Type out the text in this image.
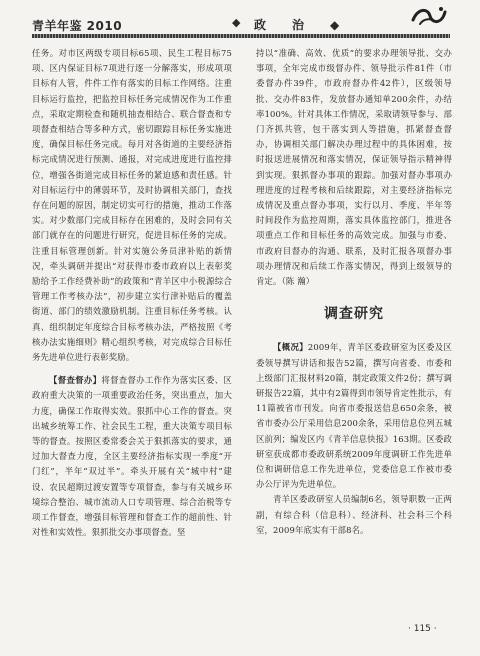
青羊年鉴 2010	◆ 政治◆

任务。对市区两级专项目标65项、民生工程目标75项、区内保证目标7项进行逐一分解落实，形成项项目标有人管，件件工作有落实的目标工作网络。注重目标运行监控，把监控目标任务完成情况作为工作重点，采取定期检查和随机抽查相结合、联合督查和专项督查相结合等多种方式，密切跟踪目标任务实施进度，确保目标任务完成。每月对各街道的主要经济指标完成情况进行预测、通报，对完成进度进行监控排位，增强各街道完成目标任务的紧迫感和责任感。针对目标运行中的薄弱环节，及时协调相关部门，查找存在问题的原因，制定切实可行的措施，推动工作落实。对少数部门完成目标存在困难的，及时会同有关部门就存在的问题进行研究，促进目标任务的完成。注重目标管理创新。针对实施公务员津补贴的新情况，牵头调研并提出“对获得市委市政府以上表彰奖励给予工作经费补助”的政策和“青羊区中小税源综合管理工作考核办法”，初步建立实行津补贴后的覆盖街道、部门的绩效激励机制。注重目标任务考核。认真、组织制定年度综合目标考核办法，严格按照《考核办法实施细则》精心组织考核，对完成综合目标任务先进单位进行表彰奖励。

【督查督办】将督查督办工作作为落实区委、区政府重大决策的一项重要政治任务，突出重点，加大力度，确保工作取得实效。狠抓中心工作的督查。突出城乡统筹工作、社会民生工程，重大决策专项目标等的督查。按照区委常委会关于狠抓落实的要求，通过加大督查力度，全区主要经济指标实现一季度“开门红”，半年“双过半”。牵头开展有关“城中村”建设、农民超期过渡安置等专项督查，参与有关城乡环境综合整治、城市流动人口专项管理、综合治税等专项工作督查，增强目标管理和督查工作的超前性、针对性和实效性。狠抓批交办事项督查。坚

持以“准确、高效、优质”的要求办理领导批、交办事项，全年完成市级督办件、领导批示件81件（市委督办件39件，市政府督办件42件），区级领导批、交办件83件，发放督办通知单200余件，办结率100%。针对具体工作情况，采取请领导参与、部门齐抓共管，包干落实到人等措施，抓紧督查督办，协调相关部门解决办理过程中的具体困难，按时报送进展情况和落实情况，保证领导指示精神得到实现。狠抓督办事项的跟踪。加强对督办事项办理进度的过程考核和后续跟踪，对主要经济指标完成情况及重点督办事项，实行以月、季度、半年等时间段作为监控周期，落实具体监控部门，推进各项重点工作和目标任务的高效完成。加强与市委、市政府目督办的沟通、联系，及时汇报各项督办事项办理情况和后续工作落实情况，得到上级领导的肯定。（陈 瀚）

调查研究

【概况】2009年，青羊区委政研室为区委及区委领导撰写讲话和报告52篇，撰写向省委、市委和上级部门汇报材料20篇，制定政策文件2份；撰写调研报告22篇，其中有2篇得到市领导肯定性批示，有11篇被省市刊发。向省市委报送信息650余条，被省市委办公厅采用信息200余条，采用信息位列五城区前列；编发区内《青羊信息快报》163期。区委政研室获成都市委政研系统2009年度调研工作先进单位和调研信息工作先进单位，党委信息工作被市委办公厅评为先进单位。

青羊区委政研室人员编制6名，领导职数一正两副，有综合科（信息科）、经济科、社会科三个科室，2009年底实有干部8名。

· 115 ·
